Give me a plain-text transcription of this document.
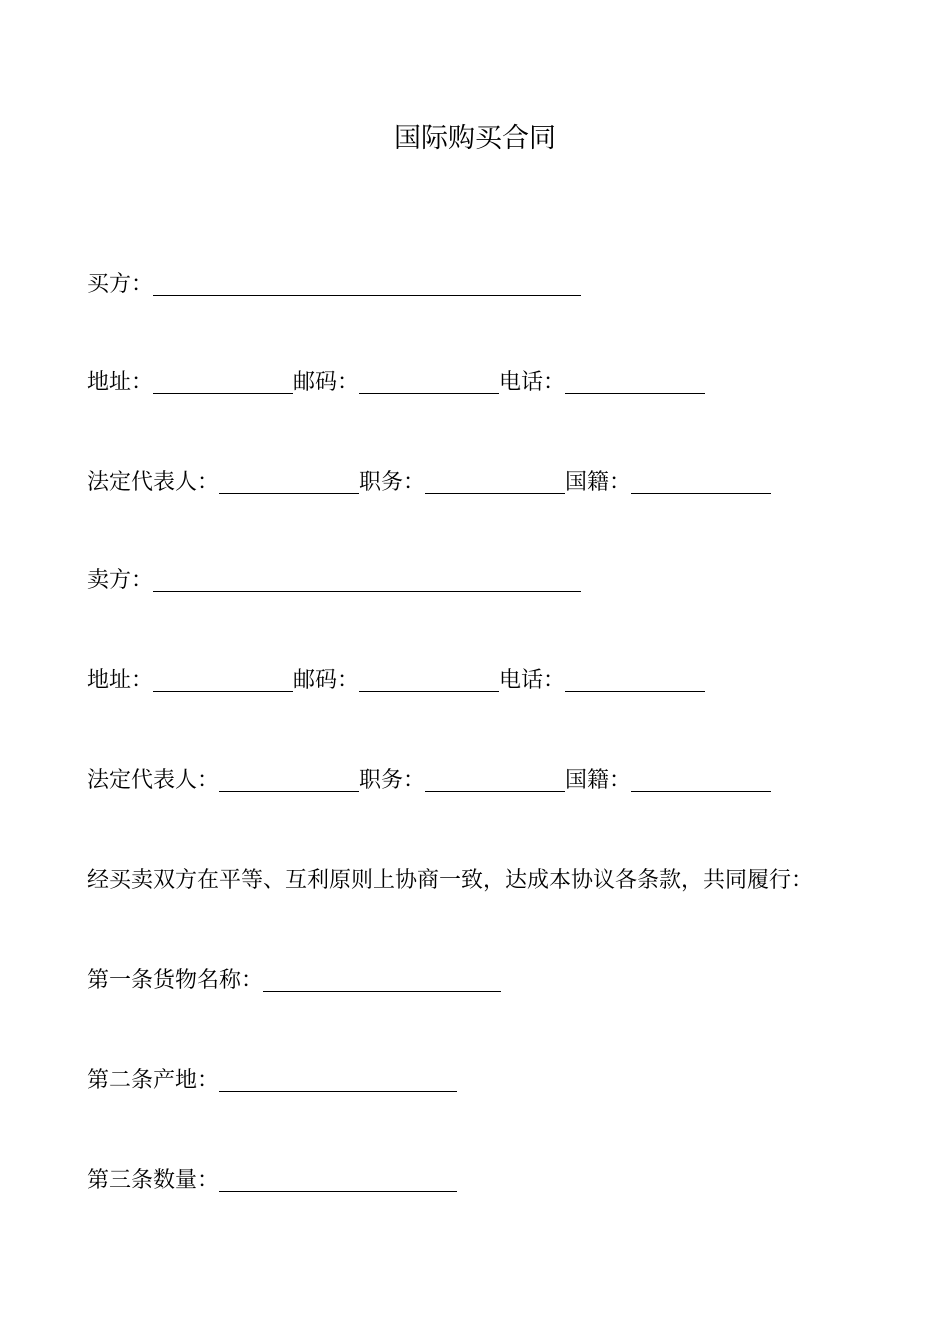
国际购买合同
买方：
地址：	邮码：	电话：
法定代表人：	职务：	国籍：
卖方：
地址：	邮码：	电话：
法定代表人：	职务：	国籍：
经买卖双方在平等、互利原则上协商一致，达成本协议各条款，共同履行：
第一条货物名称：
第二条产地：
第三条数量：
